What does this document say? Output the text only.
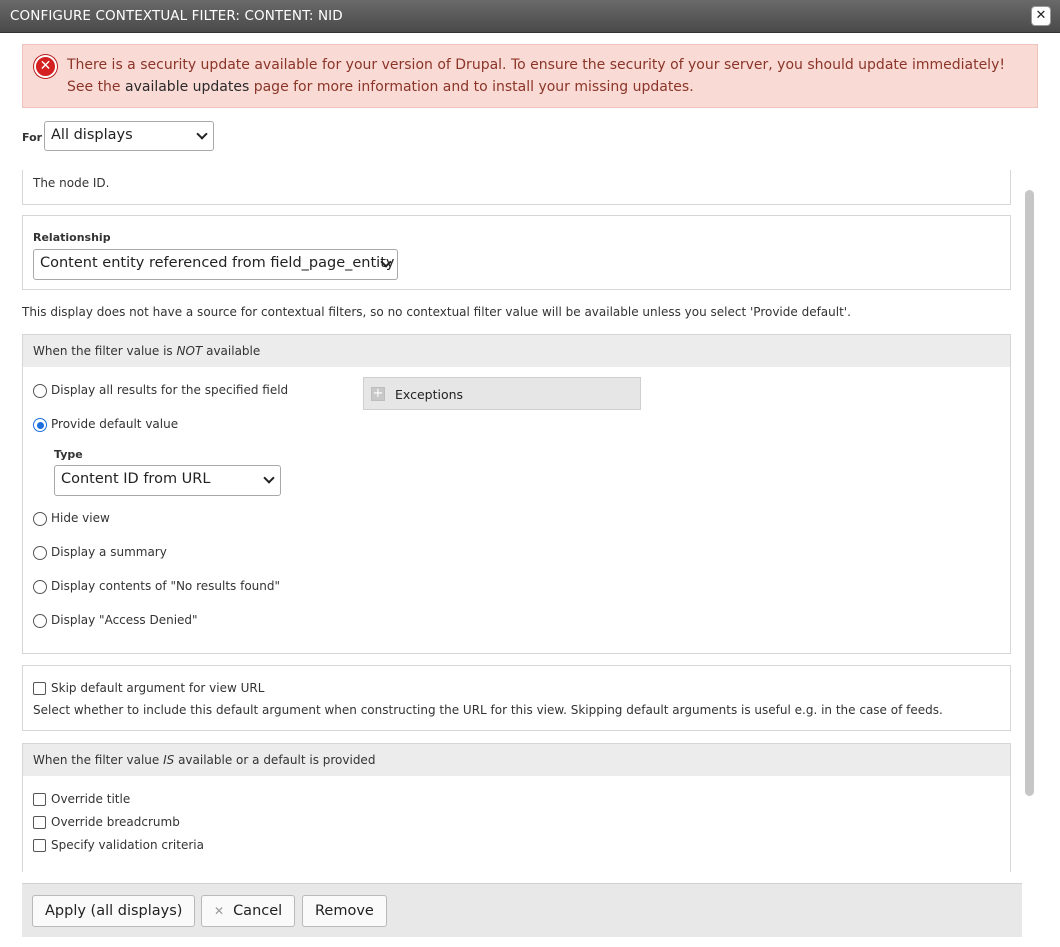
CONFIGURE CONTEXTUAL FILTER: CONTENT: NID	✕
✕	There is a security update available for your version of Drupal. To ensure the security of your server, you should update immediately! See the available updates page for more information and to install your missing updates.
For All displays
The node ID.
Relationship
Content entity referenced from field_page_entity
This display does not have a source for contextual filters, so no contextual filter value will be available unless you select 'Provide default'.
When the filter value is NOT available
Display all results for the specified field
Provide default value
Type
Content ID from URL
Hide view
Display a summary
Display contents of "No results found"
Display "Access Denied"
+ Exceptions
Skip default argument for view URL
Select whether to include this default argument when constructing the URL for this view. Skipping default arguments is useful e.g. in the case of feeds.
When the filter value IS available or a default is provided
Override title
Override breadcrumb
Specify validation criteria
Apply (all displays)	✕ Cancel	Remove
